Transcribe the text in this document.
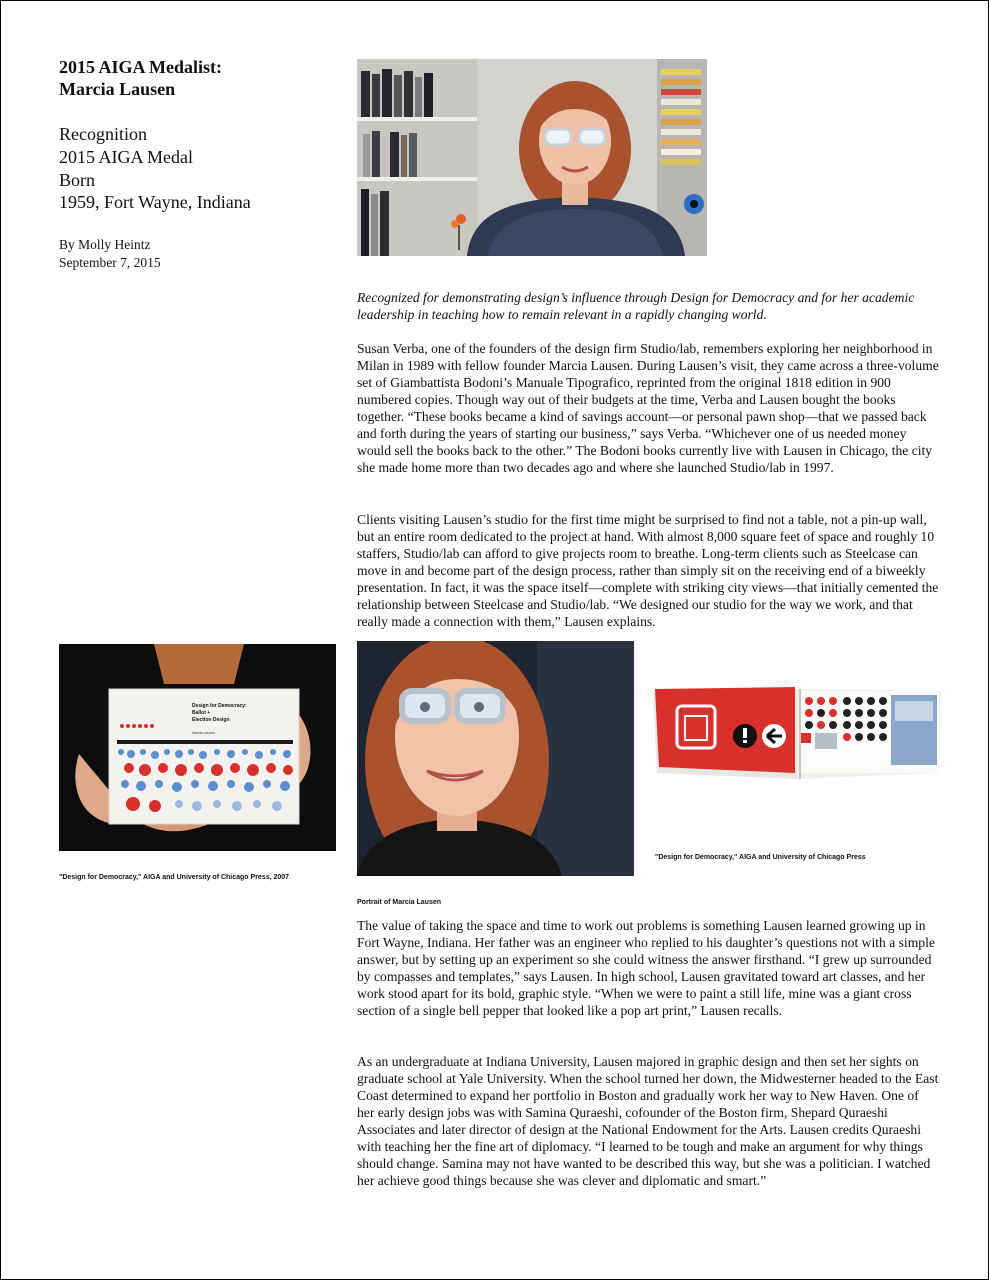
2015 AIGA Medalist:
Marcia Lausen
Recognition
2015 AIGA Medal
Born
1959, Fort Wayne, Indiana
By Molly Heintz
September 7, 2015

Recognized for demonstrating design’s influence through Design for Democracy and for her academic leadership in teaching how to remain relevant in a rapidly changing world.

Susan Verba, one of the founders of the design firm Studio/lab, remembers exploring her neighborhood in Milan in 1989 with fellow founder Marcia Lausen. During Lausen’s visit, they came across a three-volume set of Giambattista Bodoni’s Manuale Tipografico, reprinted from the original 1818 edition in 900 numbered copies. Though way out of their budgets at the time, Verba and Lausen bought the books together. “These books became a kind of savings account—or personal pawn shop—that we passed back and forth during the years of starting our business,” says Verba. “Whichever one of us needed money would sell the books back to the other.” The Bodoni books currently live with Lausen in Chicago, the city she made home more than two decades ago and where she launched Studio/lab in 1997.

Clients visiting Lausen’s studio for the first time might be surprised to find not a table, not a pin-up wall, but an entire room dedicated to the project at hand. With almost 8,000 square feet of space and roughly 10 staffers, Studio/lab can afford to give projects room to breathe. Long-term clients such as Steelcase can move in and become part of the design process, rather than simply sit on the receiving end of a biweekly presentation. In fact, it was the space itself—complete with striking city views—that initially cemented the relationship between Steelcase and Studio/lab. “We designed our studio for the way we work, and that really made a connection with them,” Lausen explains.

Design for Democracy:
Ballot +
Election Design
Marcia Lausen
"Design for Democracy," AIGA and University of Chicago Press, 2007
"Design for Democracy," AIGA and University of Chicago Press
Portrait of Marcia Lausen

The value of taking the space and time to work out problems is something Lausen learned growing up in Fort Wayne, Indiana. Her father was an engineer who replied to his daughter’s questions not with a simple answer, but by setting up an experiment so she could witness the answer firsthand. “I grew up surrounded by compasses and templates,” says Lausen. In high school, Lausen gravitated toward art classes, and her work stood apart for its bold, graphic style. “When we were to paint a still life, mine was a giant cross section of a single bell pepper that looked like a pop art print,” Lausen recalls.

As an undergraduate at Indiana University, Lausen majored in graphic design and then set her sights on graduate school at Yale University. When the school turned her down, the Midwesterner headed to the East Coast determined to expand her portfolio in Boston and gradually work her way to New Haven. One of her early design jobs was with Samina Quraeshi, cofounder of the Boston firm, Shepard Quraeshi Associates and later director of design at the National Endowment for the Arts. Lausen credits Quraeshi with teaching her the fine art of diplomacy. “I learned to be tough and make an argument for why things should change. Samina may not have wanted to be described this way, but she was a politician. I watched her achieve good things because she was clever and diplomatic and smart.”
